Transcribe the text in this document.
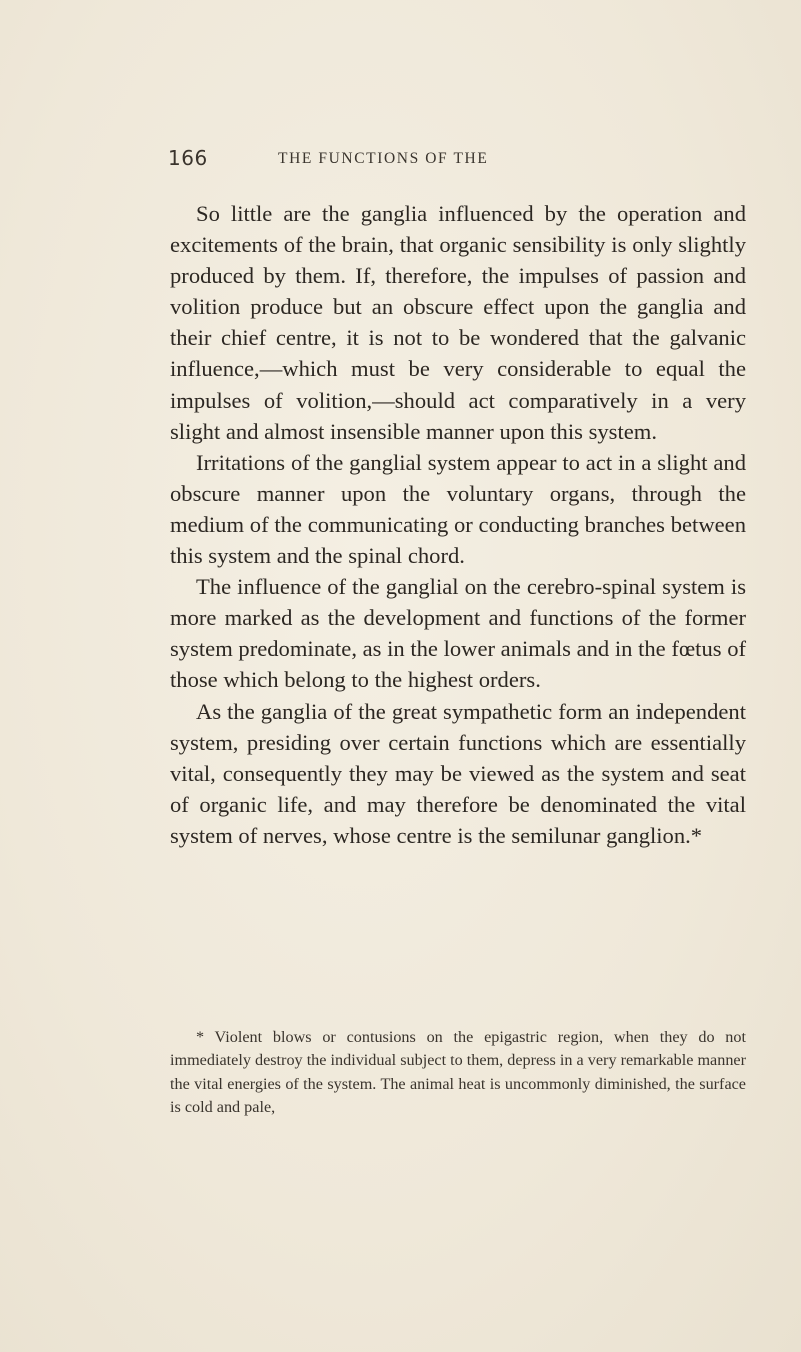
166	THE FUNCTIONS OF THE

So little are the ganglia influenced by the operation and excitements of the brain, that organic sensibility is only slightly produced by them. If, therefore, the impulses of passion and volition produce but an obscure effect upon the ganglia and their chief centre, it is not to be wondered that the galvanic influence,—which must be very considerable to equal the impulses of volition,—should act comparatively in a very slight and almost insensible manner upon this system.

Irritations of the ganglial system appear to act in a slight and obscure manner upon the voluntary organs, through the medium of the communicating or conducting branches between this system and the spinal chord.

The influence of the ganglial on the cerebro-spinal system is more marked as the development and functions of the former system predominate, as in the lower animals and in the fœtus of those which belong to the highest orders.

As the ganglia of the great sympathetic form an independent system, presiding over certain functions which are essentially vital, consequently they may be viewed as the system and seat of organic life, and may therefore be denominated the vital system of nerves, whose centre is the semilunar ganglion.*

* Violent blows or contusions on the epigastric region, when they do not immediately destroy the individual subject to them, depress in a very remarkable manner the vital energies of the system. The animal heat is uncommonly diminished, the surface is cold and pale,
